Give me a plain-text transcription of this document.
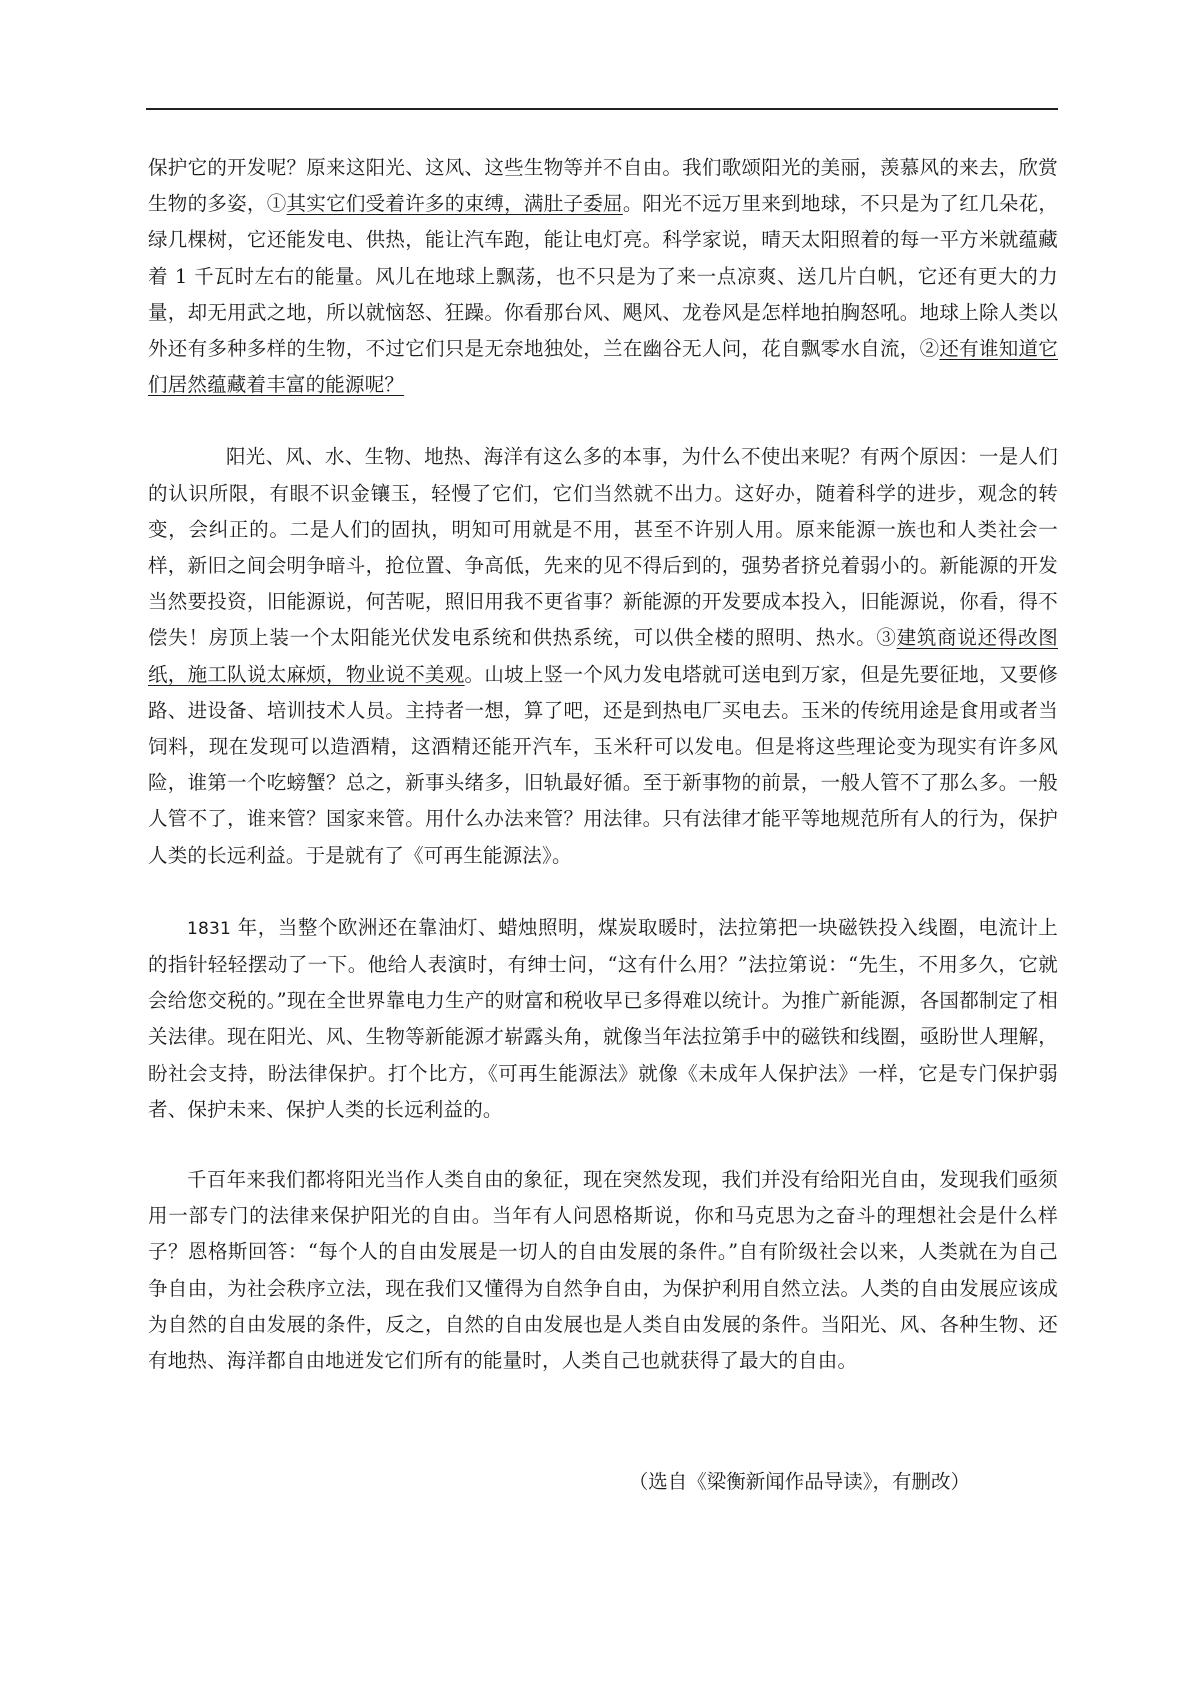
保护它的开发呢？原来这阳光、这风、这些生物等并不自由。我们歌颂阳光的美丽，羡慕风的来去，欣赏生物的多姿，①其实它们受着许多的束缚，满肚子委屈。阳光不远万里来到地球，不只是为了红几朵花，绿几棵树，它还能发电、供热，能让汽车跑，能让电灯亮。科学家说，晴天太阳照着的每一平方米就蕴藏着 1 千瓦时左右的能量。风儿在地球上飘荡，也不只是为了来一点凉爽、送几片白帆，它还有更大的力量，却无用武之地，所以就恼怒、狂躁。你看那台风、飓风、龙卷风是怎样地拍胸怒吼。地球上除人类以外还有多种多样的生物，不过它们只是无奈地独处，兰在幽谷无人问，花自飘零水自流，②还有谁知道它们居然蕴藏着丰富的能源呢？

阳光、风、水、生物、地热、海洋有这么多的本事，为什么不使出来呢？有两个原因：一是人们的认识所限，有眼不识金镶玉，轻慢了它们，它们当然就不出力。这好办，随着科学的进步，观念的转变，会纠正的。二是人们的固执，明知可用就是不用，甚至不许别人用。原来能源一族也和人类社会一样，新旧之间会明争暗斗，抢位置、争高低，先来的见不得后到的，强势者挤兑着弱小的。新能源的开发当然要投资，旧能源说，何苦呢，照旧用我不更省事？新能源的开发要成本投入，旧能源说，你看，得不偿失！房顶上装一个太阳能光伏发电系统和供热系统，可以供全楼的照明、热水。③建筑商说还得改图纸，施工队说太麻烦，物业说不美观。山坡上竖一个风力发电塔就可送电到万家，但是先要征地，又要修路、进设备、培训技术人员。主持者一想，算了吧，还是到热电厂买电去。玉米的传统用途是食用或者当饲料，现在发现可以造酒精，这酒精还能开汽车，玉米秆可以发电。但是将这些理论变为现实有许多风险，谁第一个吃螃蟹？总之，新事头绪多，旧轨最好循。至于新事物的前景，一般人管不了那么多。一般人管不了，谁来管？国家来管。用什么办法来管？用法律。只有法律才能平等地规范所有人的行为，保护人类的长远利益。于是就有了《可再生能源法》。

1831 年，当整个欧洲还在靠油灯、蜡烛照明，煤炭取暖时，法拉第把一块磁铁投入线圈，电流计上的指针轻轻摆动了一下。他给人表演时，有绅士问，“这有什么用？”法拉第说：“先生，不用多久，它就会给您交税的。”现在全世界靠电力生产的财富和税收早已多得难以统计。为推广新能源，各国都制定了相关法律。现在阳光、风、生物等新能源才崭露头角，就像当年法拉第手中的磁铁和线圈，亟盼世人理解，盼社会支持，盼法律保护。打个比方，《可再生能源法》就像《未成年人保护法》一样，它是专门保护弱者、保护未来、保护人类的长远利益的。

千百年来我们都将阳光当作人类自由的象征，现在突然发现，我们并没有给阳光自由，发现我们亟须用一部专门的法律来保护阳光的自由。当年有人问恩格斯说，你和马克思为之奋斗的理想社会是什么样子？恩格斯回答：“每个人的自由发展是一切人的自由发展的条件。”自有阶级社会以来，人类就在为自己争自由，为社会秩序立法，现在我们又懂得为自然争自由，为保护利用自然立法。人类的自由发展应该成为自然的自由发展的条件，反之，自然的自由发展也是人类自由发展的条件。当阳光、风、各种生物、还有地热、海洋都自由地迸发它们所有的能量时，人类自己也就获得了最大的自由。

（选自《梁衡新闻作品导读》，有删改）
